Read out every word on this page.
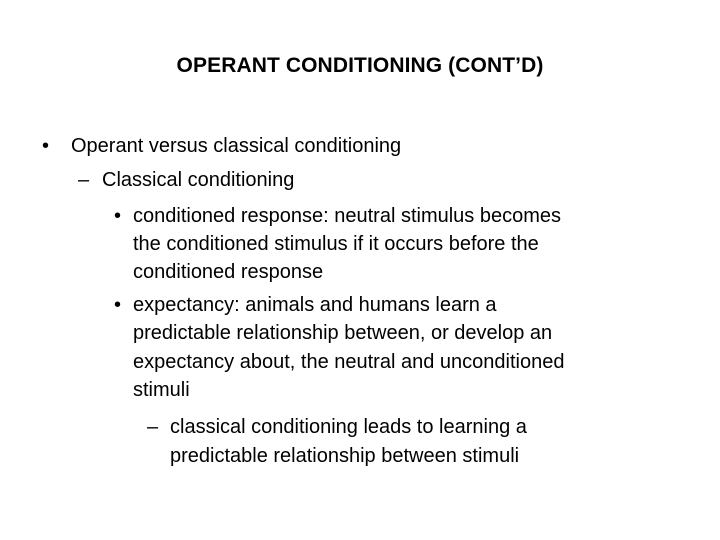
OPERANT CONDITIONING (CONT’D)
• Operant versus classical conditioning
– Classical conditioning
• conditioned response: neutral stimulus becomes
the conditioned stimulus if it occurs before the
conditioned response
• expectancy: animals and humans learn a
predictable relationship between, or develop an
expectancy about, the neutral and unconditioned
stimuli
– classical conditioning leads to learning a
predictable relationship between stimuli
